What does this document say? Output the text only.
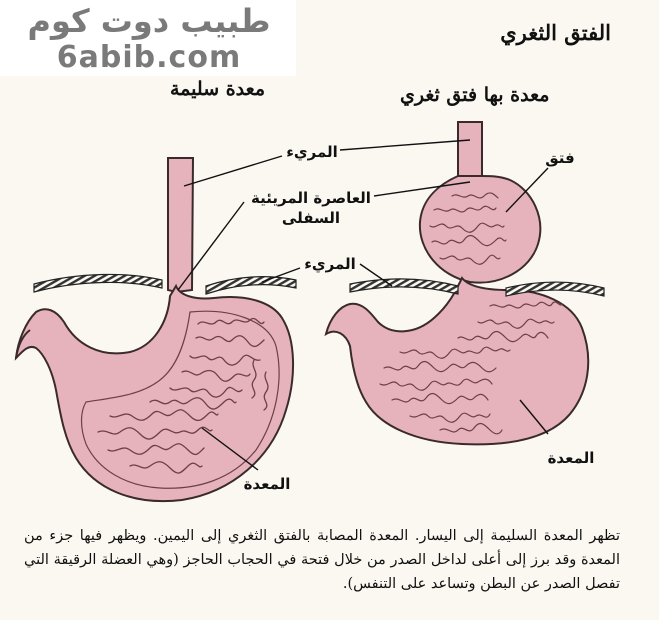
طبيب دوت كوم
6abib.com
الفتق الثغري
معدة سليمة	معدة بها فتق ثغري
المريء
العاصرة المريئية السفلى
المريء
فتق
المعدة
المعدة
تظهر المعدة السليمة إلى اليسار. المعدة المصابة بالفتق الثغري إلى اليمين. ويظهر فيها جزء من المعدة وقد برز إلى أعلى لداخل الصدر من خلال فتحة في الحجاب الحاجز (وهي العضلة الرقيقة التي تفصل الصدر عن البطن وتساعد على التنفس).
